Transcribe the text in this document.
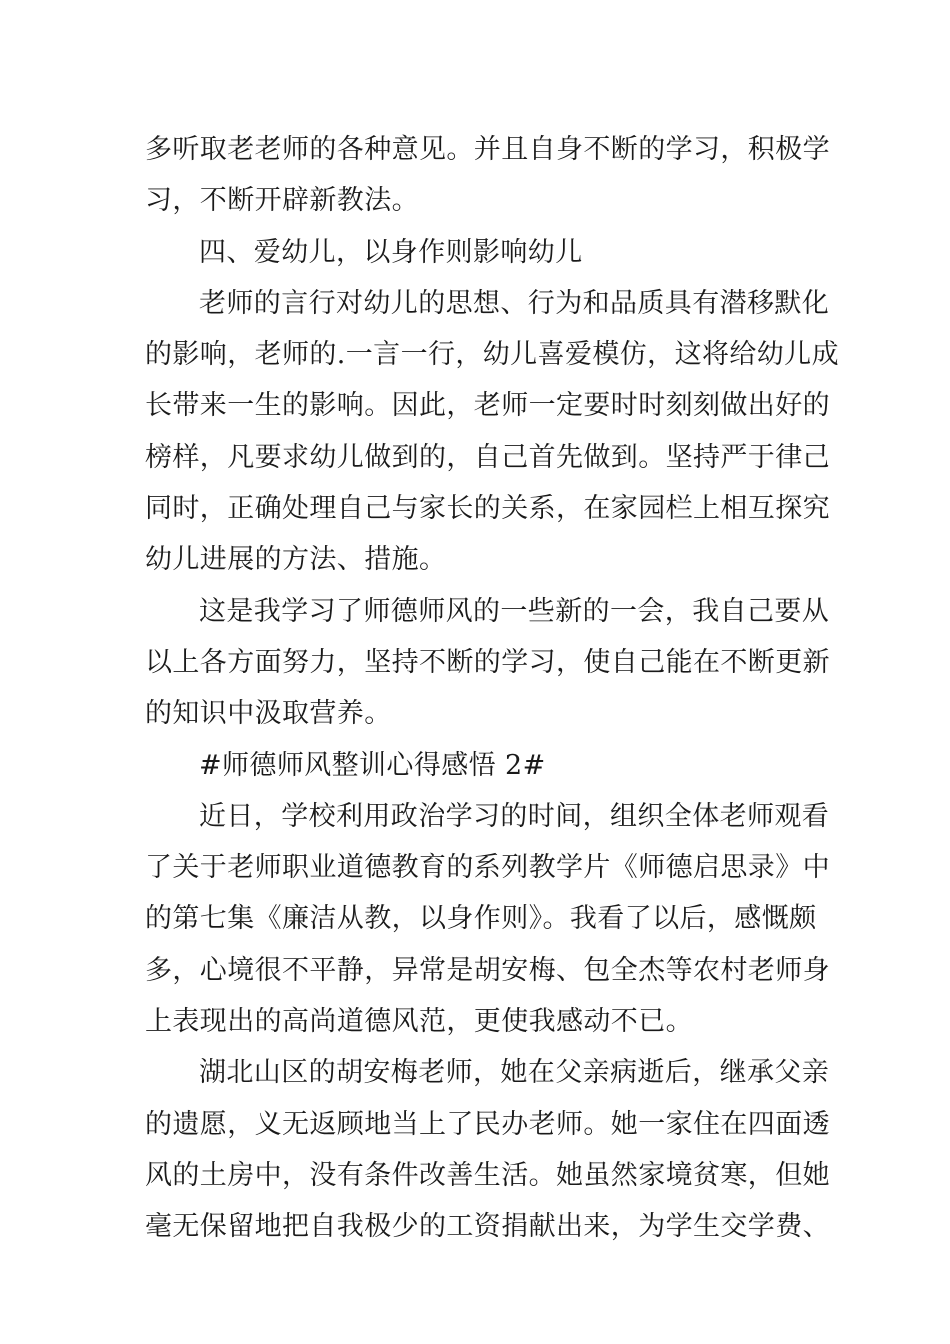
多听取老老师的各种意见。并且自身不断的学习，积极学
习，不断开辟新教法。
四、爱幼儿，以身作则影响幼儿
老师的言行对幼儿的思想、行为和品质具有潜移默化
的影响，老师的.一言一行，幼儿喜爱模仿，这将给幼儿成
长带来一生的影响。因此，老师一定要时时刻刻做出好的
榜样，凡要求幼儿做到的，自己首先做到。坚持严于律己
同时，正确处理自己与家长的关系，在家园栏上相互探究
幼儿进展的方法、措施。
这是我学习了师德师风的一些新的一会，我自己要从
以上各方面努力，坚持不断的学习，使自己能在不断更新
的知识中汲取营养。
#师德师风整训心得感悟 2#
近日，学校利用政治学习的时间，组织全体老师观看
了关于老师职业道德教育的系列教学片《师德启思录》中
的第七集《廉洁从教，以身作则》。我看了以后，感慨颇
多，心境很不平静，异常是胡安梅、包全杰等农村老师身
上表现出的高尚道德风范，更使我感动不已。
湖北山区的胡安梅老师，她在父亲病逝后，继承父亲
的遗愿，义无返顾地当上了民办老师。她一家住在四面透
风的土房中，没有条件改善生活。她虽然家境贫寒，但她
毫无保留地把自我极少的工资捐献出来，为学生交学费、
